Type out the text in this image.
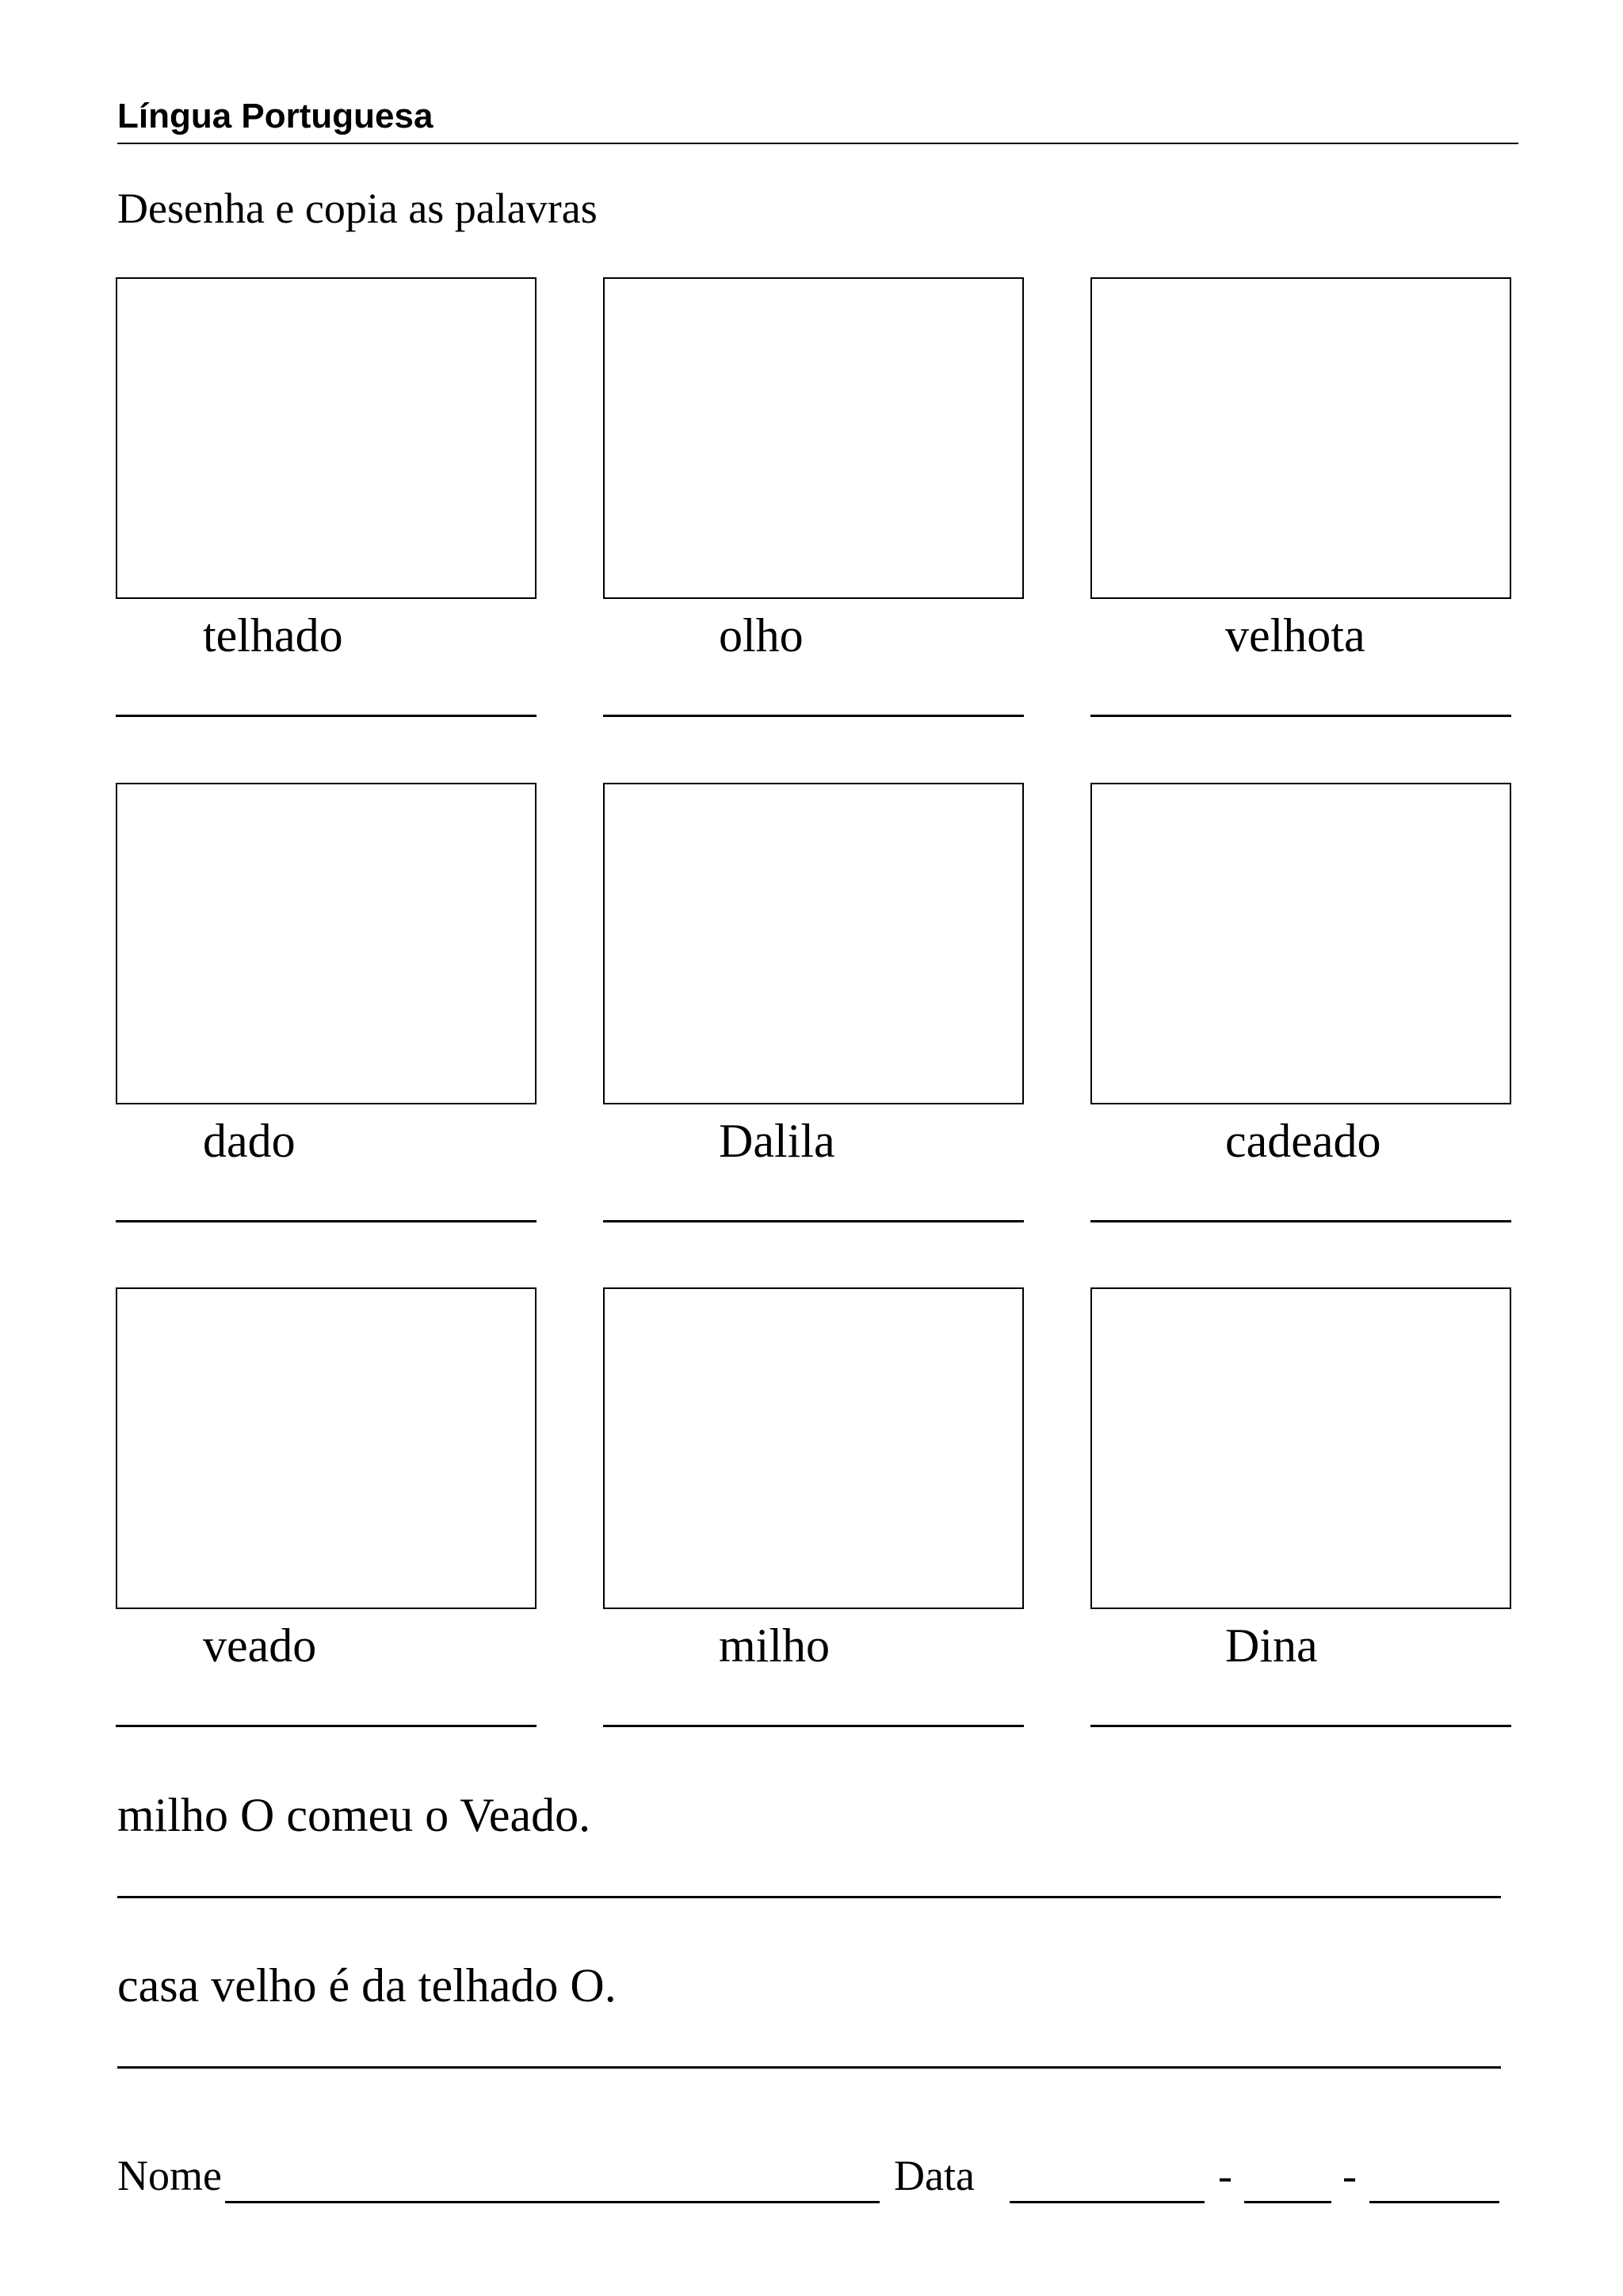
Língua Portuguesa
Desenha e copia as palavras
telhado	olho	velhota
dado	Dalila	cadeado
veado	milho	Dina
milho O comeu o Veado.
casa velho é da telhado O.
Nome	Data	-	-
